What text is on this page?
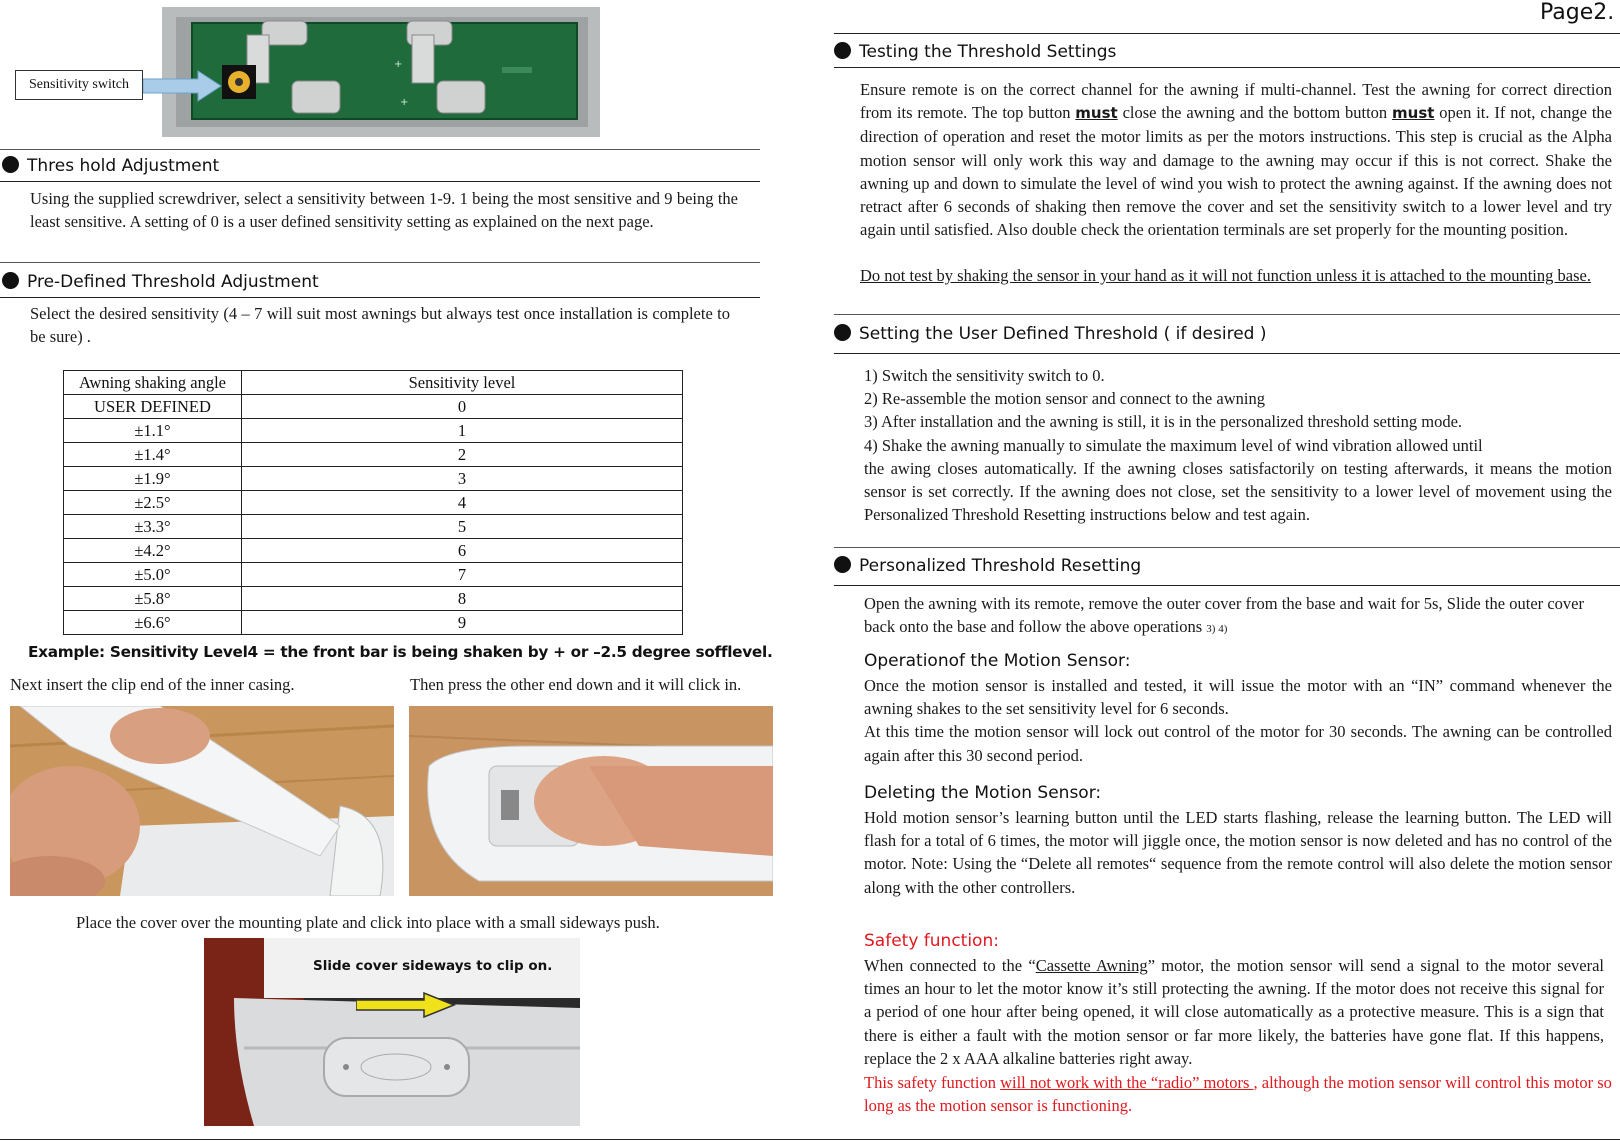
+
+
Sensitivity switch
Thres hold Adjustment
Using the supplied screwdriver, select a sensitivity between 1-9. 1 being the most sensitive and 9 being the least sensitive. A setting of 0 is a user defined sensitivity setting as explained on the next page.
Pre-Defined Threshold Adjustment
Select the desired sensitivity (4 – 7 will suit most awnings but always test once installation is complete to be sure) .
Awning shaking angle	Sensitivity level
USER DEFINED	0
±1.1°	1
±1.4°	2
±1.9°	3
±2.5°	4
±3.3°	5
±4.2°	6
±5.0°	7
±5.8°	8
±6.6°	9
Example: Sensitivity Level4 = the front bar is being shaken by + or –2.5 degree sofflevel.
Next insert the clip end of the inner casing.	Then press the other end down and it will click in.
Place the cover over the mounting plate and click into place with a small sideways push.
Slide cover sideways to clip on.
Page2.
Testing the Threshold Settings
Ensure remote is on the correct channel for the awning if multi-channel. Test the awning for correct direction from its remote. The top button must close the awning and the bottom button must open it. If not, change the direction of operation and reset the motor limits as per the motors instructions. This step is crucial as the Alpha motion sensor will only work this way and damage to the awning may occur if this is not correct. Shake the awning up and down to simulate the level of wind you wish to protect the awning against. If the awning does not retract after 6 seconds of shaking then remove the cover and set the sensitivity switch to a lower level and try again until satisfied. Also double check the orientation terminals are set properly for the mounting position.
Do not test by shaking the sensor in your hand as it will not function unless it is attached to the mounting base.
Setting the User Defined Threshold ( if desired )
1) Switch the sensitivity switch to 0.
2) Re-assemble the motion sensor and connect to the awning
3) After installation and the awning is still, it is in the personalized threshold setting mode.
4) Shake the awning manually to simulate the maximum level of wind vibration allowed until
the awing closes automatically. If the awning closes satisfactorily on testing afterwards, it means the motion sensor is set correctly. If the awning does not close, set the sensitivity to a lower level of movement using the Personalized Threshold Resetting instructions below and test again.
Personalized Threshold Resetting
Open the awning with its remote, remove the outer cover from the base and wait for 5s, Slide the outer cover back onto the base and follow the above operations 3) 4)
Operationof the Motion Sensor:
Once the motion sensor is installed and tested, it will issue the motor with an “IN” command whenever the awning shakes to the set sensitivity level for 6 seconds.
At this time the motion sensor will lock out control of the motor for 30 seconds. The awning can be controlled again after this 30 second period.
Deleting the Motion Sensor:
Hold motion sensor’s learning button until the LED starts flashing, release the learning button. The LED will flash for a total of 6 times, the motor will jiggle once, the motion sensor is now deleted and has no control of the motor. Note: Using the “Delete all remotes“ sequence from the remote control will also delete the motion sensor along with the other controllers.
Safety function:
When connected to the “Cassette Awning” motor, the motion sensor will send a signal to the motor several times an hour to let the motor know it’s still protecting the awning. If the motor does not receive this signal for a period of one hour after being opened, it will close automatically as a protective measure. This is a sign that there is either a fault with the motion sensor or far more likely, the batteries have gone flat. If this happens, replace the 2 x AAA alkaline batteries right away.
This safety function will not work with the “radio” motors , although the motion sensor will control this motor so long as the motion sensor is functioning.
